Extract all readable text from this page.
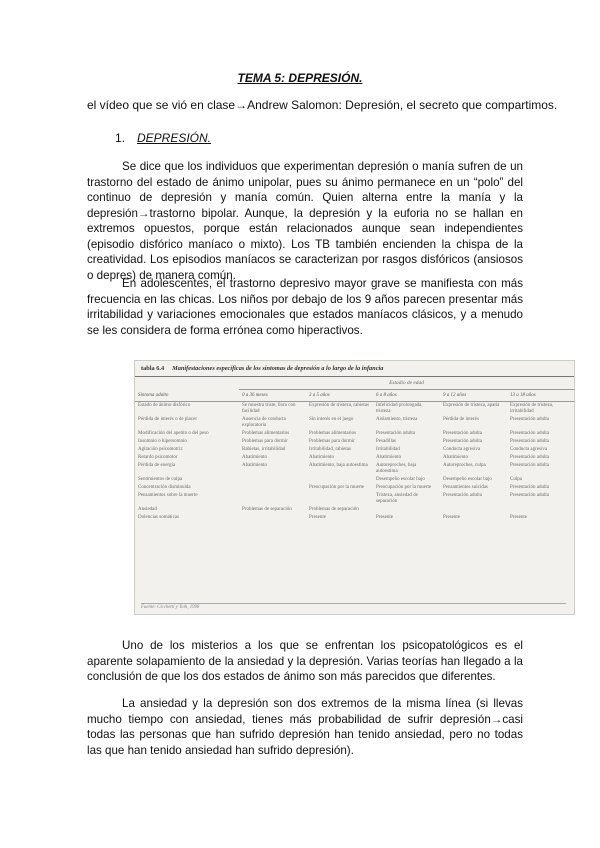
TEMA 5: DEPRESIÓN.
el vídeo que se vió en clase→Andrew Salomon: Depresión, el secreto que compartimos.
1. DEPRESIÓN.

Se dice que los individuos que experimentan depresión o manía sufren de un trastorno del estado de ánimo unipolar, pues su ánimo permanece en un “polo” del continuo de depresión y manía común. Quien alterna entre la manía y la depresión→trastorno bipolar. Aunque, la depresión y la euforia no se hallan en extremos opuestos, porque están relacionados aunque sean independientes (episodio disfórico maníaco o mixto). Los TB también encienden la chispa de la creatividad. Los episodios maníacos se caracterizan por rasgos disfóricos (ansiosos o depres) de manera común.

En adolescentes, el trastorno depresivo mayor grave se manifiesta con más frecuencia en las chicas. Los niños por debajo de los 9 años parecen presentar más irritabilidad y variaciones emocionales que estados maníacos clásicos, y a menudo se les considera de forma errónea como hiperactivos.

tabla 6.4 Manifestaciones específicas de los síntomas de depresión a lo largo de la infancia
Estadio de edad
Síntoma adulto	0 a 36 meses	3 a 5 años	6 a 8 años	9 a 12 años	13 a 18 años
Estado de ánimo disfórico	Se muestra triste, llora con facilidad	Expresión de tristeza, rabietas	Infelicidad prolongada, tristeza	Expresión de tristeza, apatía	Expresión de tristeza, irritabilidad
Pérdida de interés o de placer	Ausencia de conducta exploratoria	Sin interés en el juego	Aislamiento, tristeza	Pérdida de interés	Presentación adulta
Modificación del apetito o del peso	Problemas alimentarios	Problemas alimentarios	Presentación adulta	Presentación adulta	Presentación adulta
Insomnio o hipersomnio	Problemas para dormir	Problemas para dormir	Pesadillas	Presentación adulta	Presentación adulta
Agitación psicomotriz	Rabietas, irritabilidad	Irritabilidad, rabietas	Irritabilidad	Conducta agresiva	Conducta agresiva
Retardo psicomotor	Abatimiento	Abatimiento	Abatimiento	Abatimiento	Presentación adulta
Pérdida de energía	Abatimiento	Abatimiento, baja autoestima	Autoreproches, baja autoestima	Autoreproches, culpa	Presentación adulta
Sentimientos de culpa			Desempeño escolar bajo	Desempeño escolar bajo	Culpa
Concentración disminuida		Preocupación por la muerte	Preocupación por la muerte	Pensamientos suicidas	Presentación adulta
Pensamientos sobre la muerte			Tristeza, ansiedad de separación	Presentación adulta	Presentación adulta
Ansiedad	Problemas de separación	Problemas de separación			
Dolencias somáticas		Presente	Presente	Presente	Presente
Fuente: Cicchetti y Toth, 1998

Uno de los misterios a los que se enfrentan los psicopatológicos es el aparente solapamiento de la ansiedad y la depresión. Varias teorías han llegado a la conclusión de que los dos estados de ánimo son más parecidos que diferentes.

La ansiedad y la depresión son dos extremos de la misma línea (si llevas mucho tiempo con ansiedad, tienes más probabilidad de sufrir depresión→casi todas las personas que han sufrido depresión han tenido ansiedad, pero no todas las que han tenido ansiedad han sufrido depresión).
